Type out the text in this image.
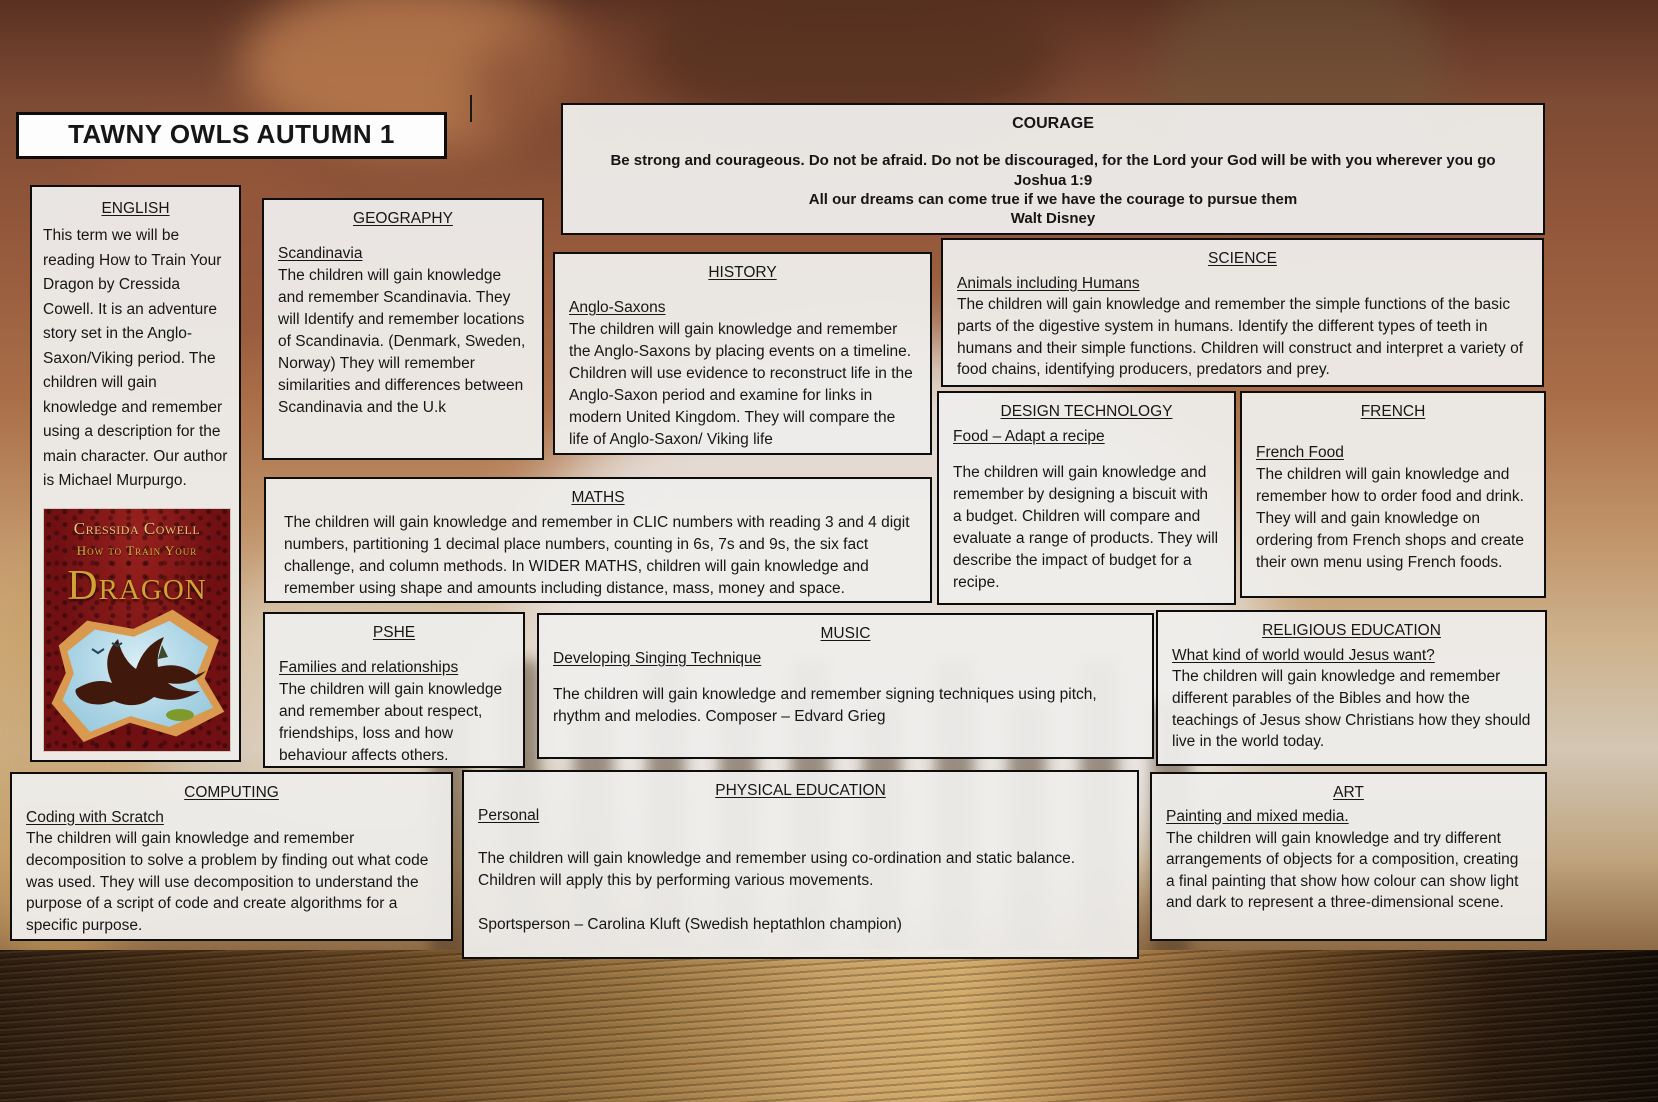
TAWNY OWLS AUTUMN 1	COURAGE
Be strong and courageous. Do not be afraid. Do not be discouraged, for the Lord your God will be with you wherever you go
Joshua 1:9
All our dreams can come true if we have the courage to pursue them
Walt Disney
ENGLISH
This term we will be reading How to Train Your Dragon by Cressida Cowell. It is an adventure story set in the Anglo-Saxon/Viking period. The children will gain knowledge and remember using a description for the main character. Our author is Michael Murpurgo.
Cressida Cowell
How to Train Your
Dragon
GEOGRAPHY
Scandinavia
The children will gain knowledge and remember Scandinavia. They will Identify and remember locations of Scandinavia. (Denmark, Sweden, Norway) They will remember similarities and differences between Scandinavia and the U.k
HISTORY
Anglo-Saxons
The children will gain knowledge and remember the Anglo-Saxons by placing events on a timeline. Children will use evidence to reconstruct life in the Anglo-Saxon period and examine for links in modern United Kingdom. They will compare the life of Anglo-Saxon/ Viking life
SCIENCE
Animals including Humans
The children will gain knowledge and remember the simple functions of the basic parts of the digestive system in humans. Identify the different types of teeth in humans and their simple functions. Children will construct and interpret a variety of food chains, identifying producers, predators and prey.
DESIGN TECHNOLOGY
Food – Adapt a recipe
The children will gain knowledge and remember by designing a biscuit with a budget. Children will compare and evaluate a range of products. They will describe the impact of budget for a recipe.
FRENCH
French Food
The children will gain knowledge and remember how to order food and drink. They will and gain knowledge on ordering from French shops and create their own menu using French foods.
MATHS
The children will gain knowledge and remember in CLIC numbers with reading 3 and 4 digit numbers, partitioning 1 decimal place numbers, counting in 6s, 7s and 9s, the six fact challenge, and column methods. In WIDER MATHS, children will gain knowledge and remember using shape and amounts including distance, mass, money and space.
PSHE
Families and relationships
The children will gain knowledge and remember about respect, friendships, loss and how behaviour affects others.
MUSIC
Developing Singing Technique
The children will gain knowledge and remember signing techniques using pitch, rhythm and melodies. Composer – Edvard Grieg
RELIGIOUS EDUCATION
What kind of world would Jesus want?
The children will gain knowledge and remember different parables of the Bibles and how the teachings of Jesus show Christians how they should live in the world today.
COMPUTING
Coding with Scratch
The children will gain knowledge and remember decomposition to solve a problem by finding out what code was used. They will use decomposition to understand the purpose of a script of code and create algorithms for a specific purpose.
PHYSICAL EDUCATION
Personal
The children will gain knowledge and remember using co-ordination and static balance. Children will apply this by performing various movements.
Sportsperson – Carolina Kluft (Swedish heptathlon champion)
ART
Painting and mixed media.
The children will gain knowledge and try different arrangements of objects for a composition, creating a final painting that show how colour can show light and dark to represent a three-dimensional scene.
